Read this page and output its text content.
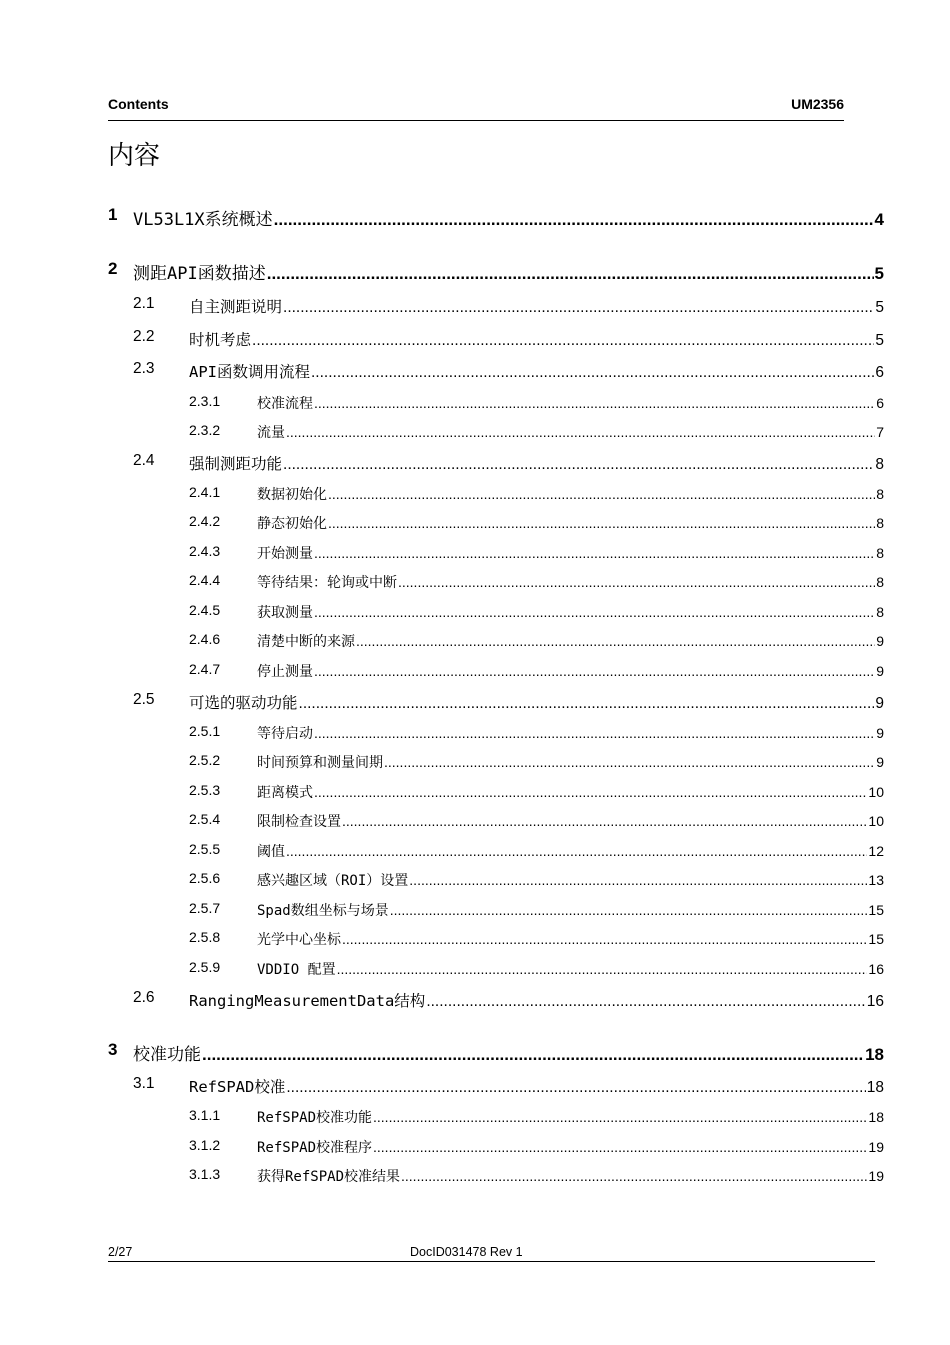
Contents	UM2356
内容
1 VL53L1X系统概述 .....	4
2 测距API函数描述 .....	5
2.1 自主测距说明 .....	5
2.2 时机考虑 .....	5
2.3 API函数调用流程 .....	6
2.3.1	校准流程 .....	6
2.3.2	流量 .....	7
2.4 强制测距功能 .....	8
2.4.1	数据初始化 .....	8
2.4.2	静态初始化 .....	8
2.4.3	开始测量 .....	8
2.4.4	等待结果：轮询或中断 .....	8
2.4.5	获取测量 .....	8
2.4.6	清楚中断的来源 .....	9
2.4.7	停止测量 .....	9
2.5 可选的驱动功能 .....	9
2.5.1	等待启动 .....	9
2.5.2	时间预算和测量间期 .....	9
2.5.3	距离模式 .....	10
2.5.4	限制检查设置 .....	10
2.5.5	阈值 .....	12
2.5.6	感兴趣区域（ROI）设置 .....	13
2.5.7	Spad数组坐标与场景 .....	15
2.5.8	光学中心坐标 .....	15
2.5.9	VDDIO 配置 .....	16
2.6 RangingMeasurementData结构 .....	16
3 校准功能 .....	18
3.1 RefSPAD校准 .....	18
3.1.1	RefSPAD校准功能 .....	18
3.1.2	RefSPAD校准程序 .....	19
3.1.3	获得RefSPAD校准结果 .....	19
2/27	DocID031478 Rev 1
